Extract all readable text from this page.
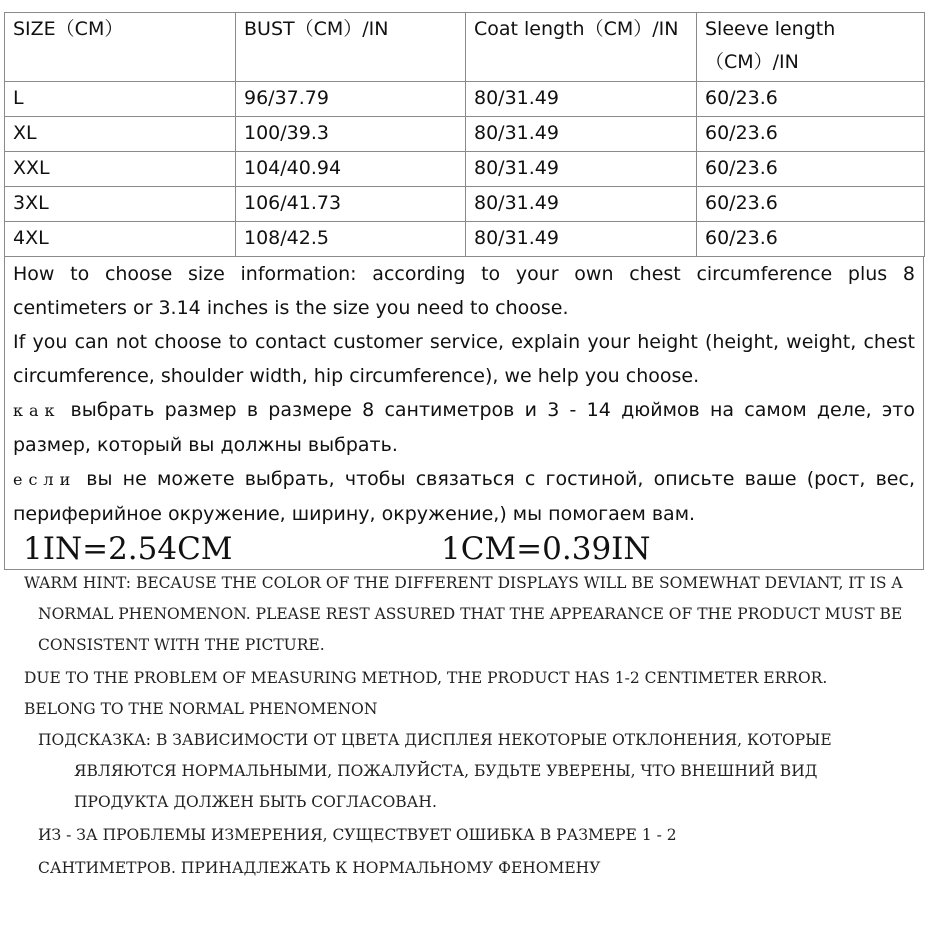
SIZE（CM）	BUST（CM）/IN	Coat length（CM）/IN	Sleeve length（CM）/IN
L	96/37.79	80/31.49	60/23.6
XL	100/39.3	80/31.49	60/23.6
XXL	104/40.94	80/31.49	60/23.6
3XL	106/41.73	80/31.49	60/23.6
4XL	108/42.5	80/31.49	60/23.6

How to choose size information: according to your own chest circumference plus 8 centimeters or 3.14 inches is the size you need to choose.

If you can not choose to contact customer service, explain your height (height, weight, chest circumference, shoulder width, hip circumference), we help you choose.

как выбрать размер в размере 8 сантиметров и 3 - 14 дюймов на самом деле, это размер, который вы должны выбрать.

если вы не можете выбрать, чтобы связаться с гостиной, описьте ваше (рост, вес, периферийное окружение, ширину, окружение,) мы помогаем вам.

1IN=2.54CM	1CM=0.39IN

WARM HINT: BECAUSE THE COLOR OF THE DIFFERENT DISPLAYS WILL BE SOMEWHAT DEVIANT, IT IS A NORMAL PHENOMENON. PLEASE REST ASSURED THAT THE APPEARANCE OF THE PRODUCT MUST BE CONSISTENT WITH THE PICTURE.

DUE TO THE PROBLEM OF MEASURING METHOD, THE PRODUCT HAS 1-2 CENTIMETER ERROR.
BELONG TO THE NORMAL PHENOMENON

ПОДСКАЗКА: В ЗАВИСИМОСТИ ОТ ЦВЕТА ДИСПЛЕЯ НЕКОТОРЫЕ ОТКЛОНЕНИЯ, КОТОРЫЕ
ЯВЛЯЮТСЯ НОРМАЛЬНЫМИ, ПОЖАЛУЙСТА, БУДЬТЕ УВЕРЕНЫ, ЧТО ВНЕШНИЙ ВИД
ПРОДУКТА ДОЛЖЕН БЫТЬ СОГЛАСОВАН.

ИЗ - ЗА ПРОБЛЕМЫ ИЗМЕРЕНИЯ, СУЩЕСТВУЕТ ОШИБКА В РАЗМЕРЕ 1 - 2

САНТИМЕТРОВ. ПРИНАДЛЕЖАТЬ К НОРМАЛЬНОМУ ФЕНОМЕНУ
